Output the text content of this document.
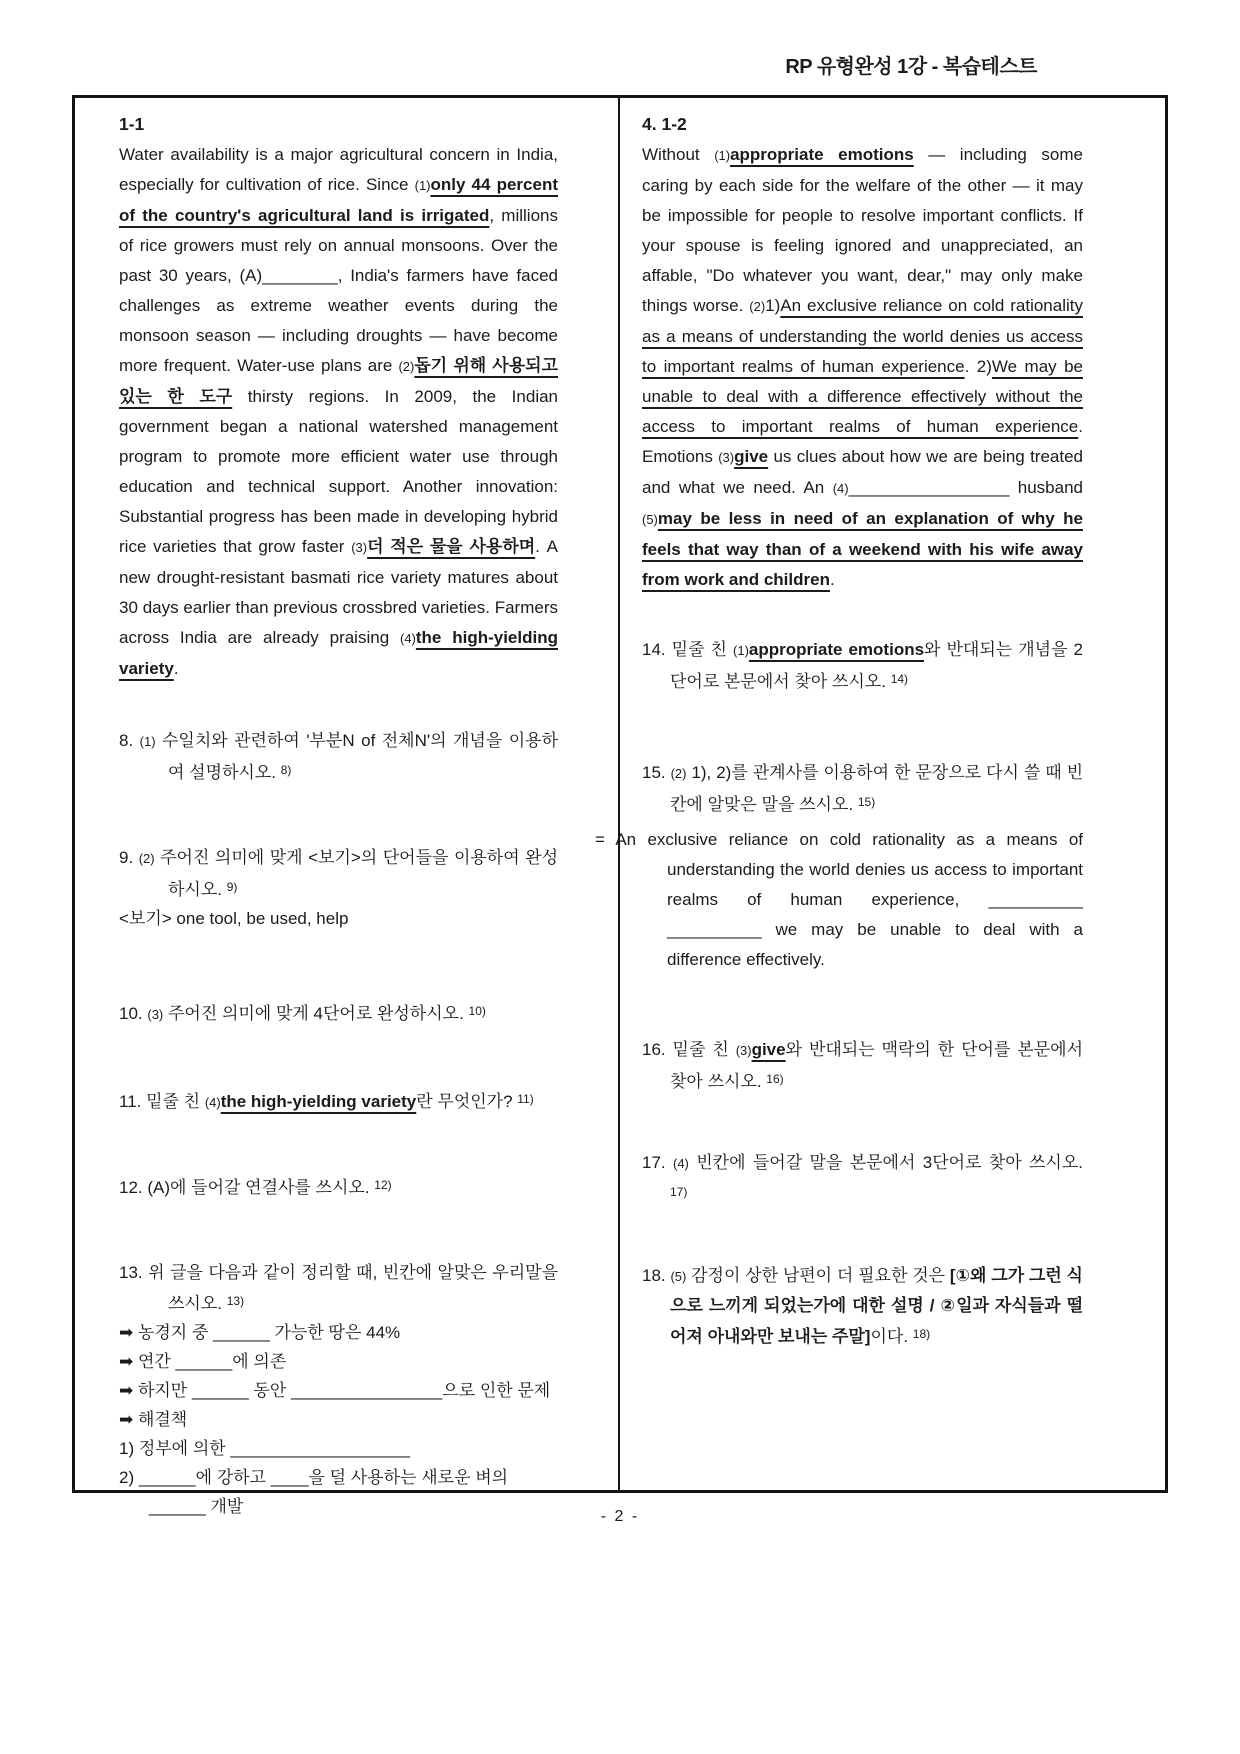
RP 유형완성 1강 - 복습테스트
1-1
Water availability is a major agricultural concern in India, especially for cultivation of rice. Since (1)only 44 percent of the country's agricultural land is irrigated, millions of rice growers must rely on annual monsoons. Over the past 30 years, (A)________, India's farmers have faced challenges as extreme weather events during the monsoon season — including droughts — have become more frequent. Water-use plans are (2)돕기 위해 사용되고 있는 한 도구 thirsty regions. In 2009, the Indian government began a national watershed management program to promote more efficient water use through education and technical support. Another innovation: Substantial progress has been made in developing hybrid rice varieties that grow faster (3)더 적은 물을 사용하며. A new drought-resistant basmati rice variety matures about 30 days earlier than previous crossbred varieties. Farmers across India are already praising (4)the high-yielding variety.
8. (1) 수일치와 관련하여 '부분N of 전체N'의 개념을 이용하여 설명하시오. $^{8)}$
9. (2) 주어진 의미에 맞게 <보기>의 단어들을 이용하여 완성하시오. $^{9)}$
<보기> one tool, be used, help
10. (3) 주어진 의미에 맞게 4단어로 완성하시오. $^{10)}$
11. 밑줄 친 (4)the high-yielding variety란 무엇인가? $^{11)}$
12. (A)에 들어갈 연결사를 쓰시오. $^{12)}$
13. 위 글을 다음과 같이 정리할 때, 빈칸에 알맞은 우리말을 쓰시오. $^{13)}$
➡ 농경지 중 ______ 가능한 땅은 44%
➡ 연간 ______에 의존
➡ 하지만 ______ 동안 ________________으로 인한 문제
➡ 해결책
1) 정부에 의한 ___________________
2) ______에 강하고 ____을 덜 사용하는 새로운 벼의 ______ 개발
4. 1-2
Without (1)appropriate emotions — including some caring by each side for the welfare of the other — it may be impossible for people to resolve important conflicts. If your spouse is feeling ignored and unappreciated, an affable, "Do whatever you want, dear," may only make things worse. (2)1)An exclusive reliance on cold rationality as a means of understanding the world denies us access to important realms of human experience. 2)We may be unable to deal with a difference effectively without the access to important realms of human experience. Emotions (3)give us clues about how we are being treated and what we need. An (4)_________________ husband (5)may be less in need of an explanation of why he feels that way than of a weekend with his wife away from work and children.
14. 밑줄 친 (1)appropriate emotions와 반대되는 개념을 2단어로 본문에서 찾아 쓰시오. $^{14)}$
15. (2) 1), 2)를 관계사를 이용하여 한 문장으로 다시 쓸 때 빈칸에 알맞은 말을 쓰시오. $^{15)}$
= An exclusive reliance on cold rationality as a means of understanding the world denies us access to important realms of human experience, __________ __________ we may be unable to deal with a difference effectively.
16. 밑줄 친 (3)give와 반대되는 맥락의 한 단어를 본문에서 찾아 쓰시오. $^{16)}$
17. (4) 빈칸에 들어갈 말을 본문에서 3단어로 찾아 쓰시오. $^{17)}$
18. (5) 감정이 상한 남편이 더 필요한 것은 [①왜 그가 그런 식으로 느끼게 되었는가에 대한 설명 / ②일과 자식들과 떨어져 아내와만 보내는 주말]이다. $^{18)}$
- 2 -
